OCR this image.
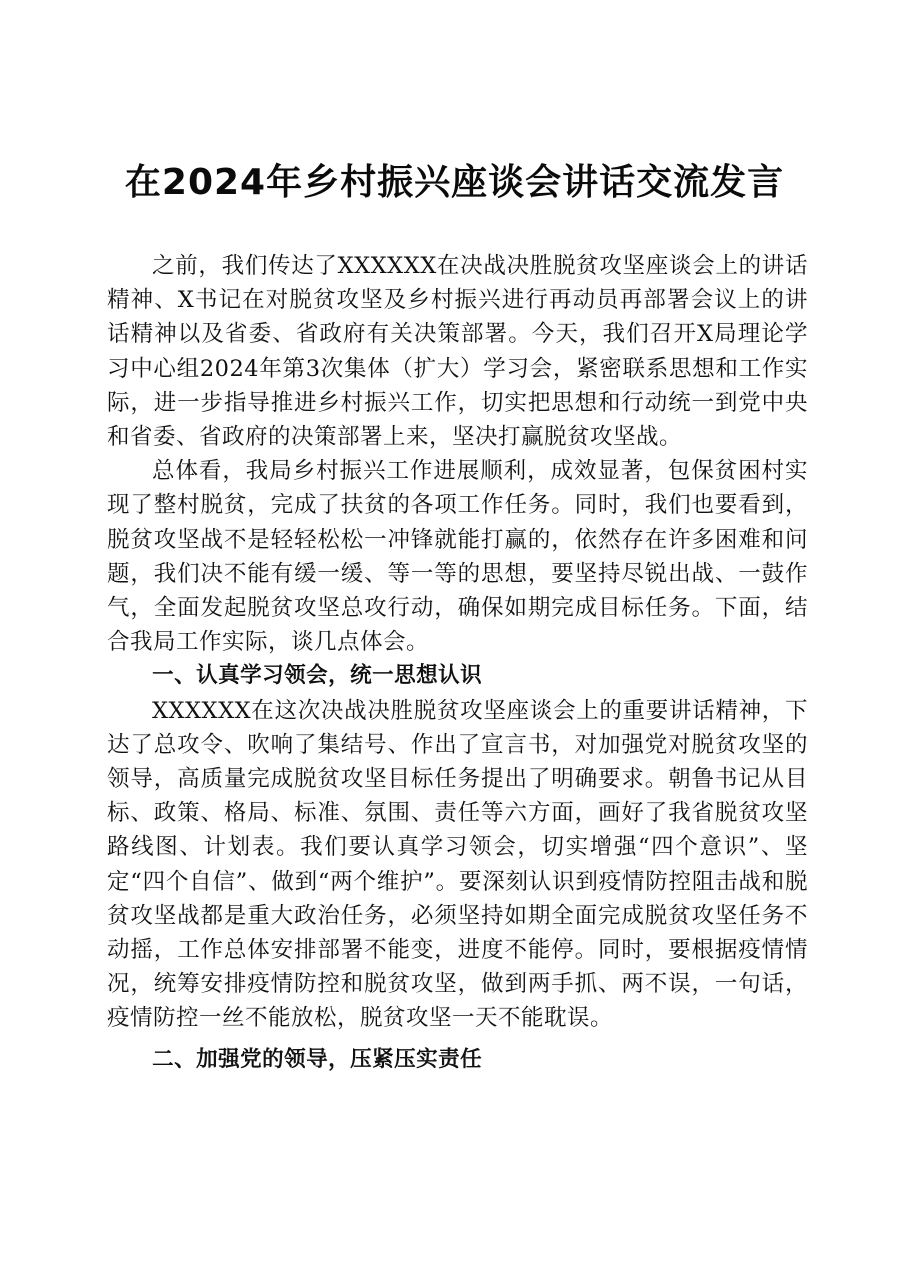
在2024年乡村振兴座谈会讲话交流发言

之前，我们传达了XXXXXX在决战决胜脱贫攻坚座谈会上的讲话精神、X书记在对脱贫攻坚及乡村振兴进行再动员再部署会议上的讲话精神以及省委、省政府有关决策部署。今天，我们召开X局理论学习中心组2024年第3次集体（扩大）学习会，紧密联系思想和工作实际，进一步指导推进乡村振兴工作，切实把思想和行动统一到党中央和省委、省政府的决策部署上来，坚决打赢脱贫攻坚战。

总体看，我局乡村振兴工作进展顺利，成效显著，包保贫困村实现了整村脱贫，完成了扶贫的各项工作任务。同时，我们也要看到，脱贫攻坚战不是轻轻松松一冲锋就能打赢的，依然存在许多困难和问题，我们决不能有缓一缓、等一等的思想，要坚持尽锐出战、一鼓作气，全面发起脱贫攻坚总攻行动，确保如期完成目标任务。下面，结合我局工作实际，谈几点体会。

一、认真学习领会，统一思想认识

XXXXXX在这次决战决胜脱贫攻坚座谈会上的重要讲话精神，下达了总攻令、吹响了集结号、作出了宣言书，对加强党对脱贫攻坚的领导，高质量完成脱贫攻坚目标任务提出了明确要求。朝鲁书记从目标、政策、格局、标准、氛围、责任等六方面，画好了我省脱贫攻坚路线图、计划表。我们要认真学习领会，切实增强“四个意识”、坚定“四个自信”、做到“两个维护”。要深刻认识到疫情防控阻击战和脱贫攻坚战都是重大政治任务，必须坚持如期全面完成脱贫攻坚任务不动摇，工作总体安排部署不能变，进度不能停。同时，要根据疫情情况，统筹安排疫情防控和脱贫攻坚，做到两手抓、两不误，一句话，疫情防控一丝不能放松，脱贫攻坚一天不能耽误。

二、加强党的领导，压紧压实责任
